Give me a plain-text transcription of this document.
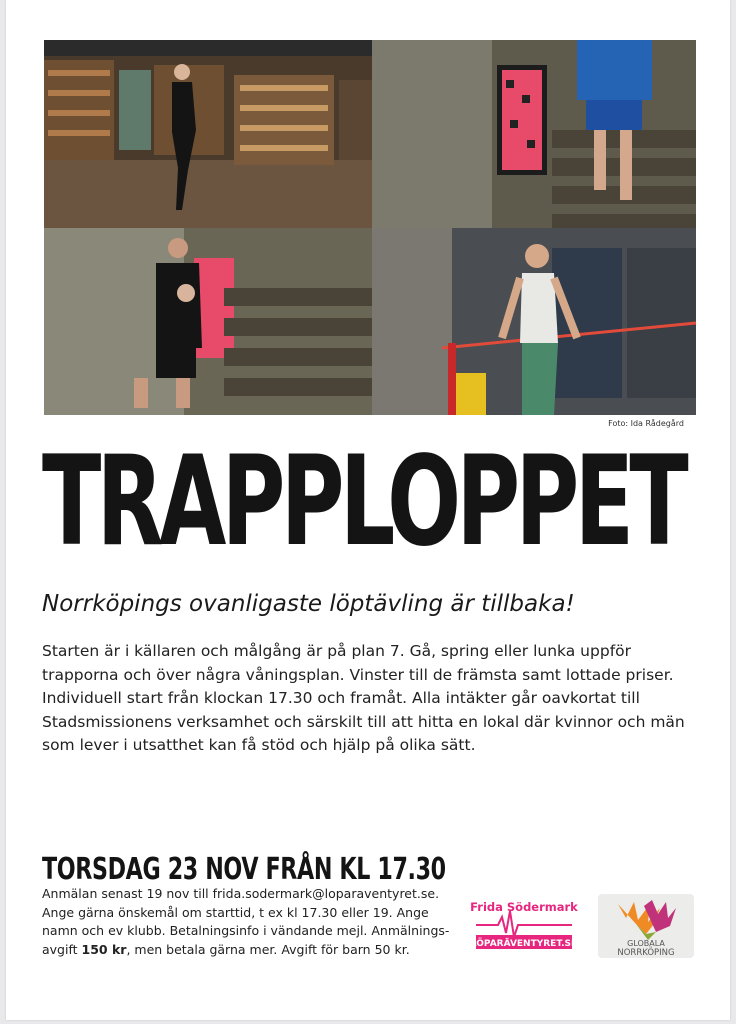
Foto: Ida Rådegård
TRAPPLOPPET
Norrköpings ovanligaste löptävling är tillbaka!
Starten är i källaren och målgång är på plan 7. Gå, spring eller lunka uppför trapporna och över några våningsplan. Vinster till de främsta samt lottade priser. Individuell start från klockan 17.30 och framåt. Alla intäkter går oavkortat till Stadsmissionens verksamhet och särskilt till att hitta en lokal där kvinnor och män som lever i utsatthet kan få stöd och hjälp på olika sätt.
TORSDAG 23 NOV FRÅN KL 17.30
Anmälan senast 19 nov till frida.sodermark@loparaventyret.se. Ange gärna önskemål om starttid, t ex kl 17.30 eller 19. Ange namn och ev klubb. Betalningsinfo i vändande mejl. Anmälnings-avgift 150 kr, men betala gärna mer. Avgift för barn 50 kr.
Frida Södermark
LÖPARÄVENTYRET.SE	GLOBALA
NORRKÖPING
